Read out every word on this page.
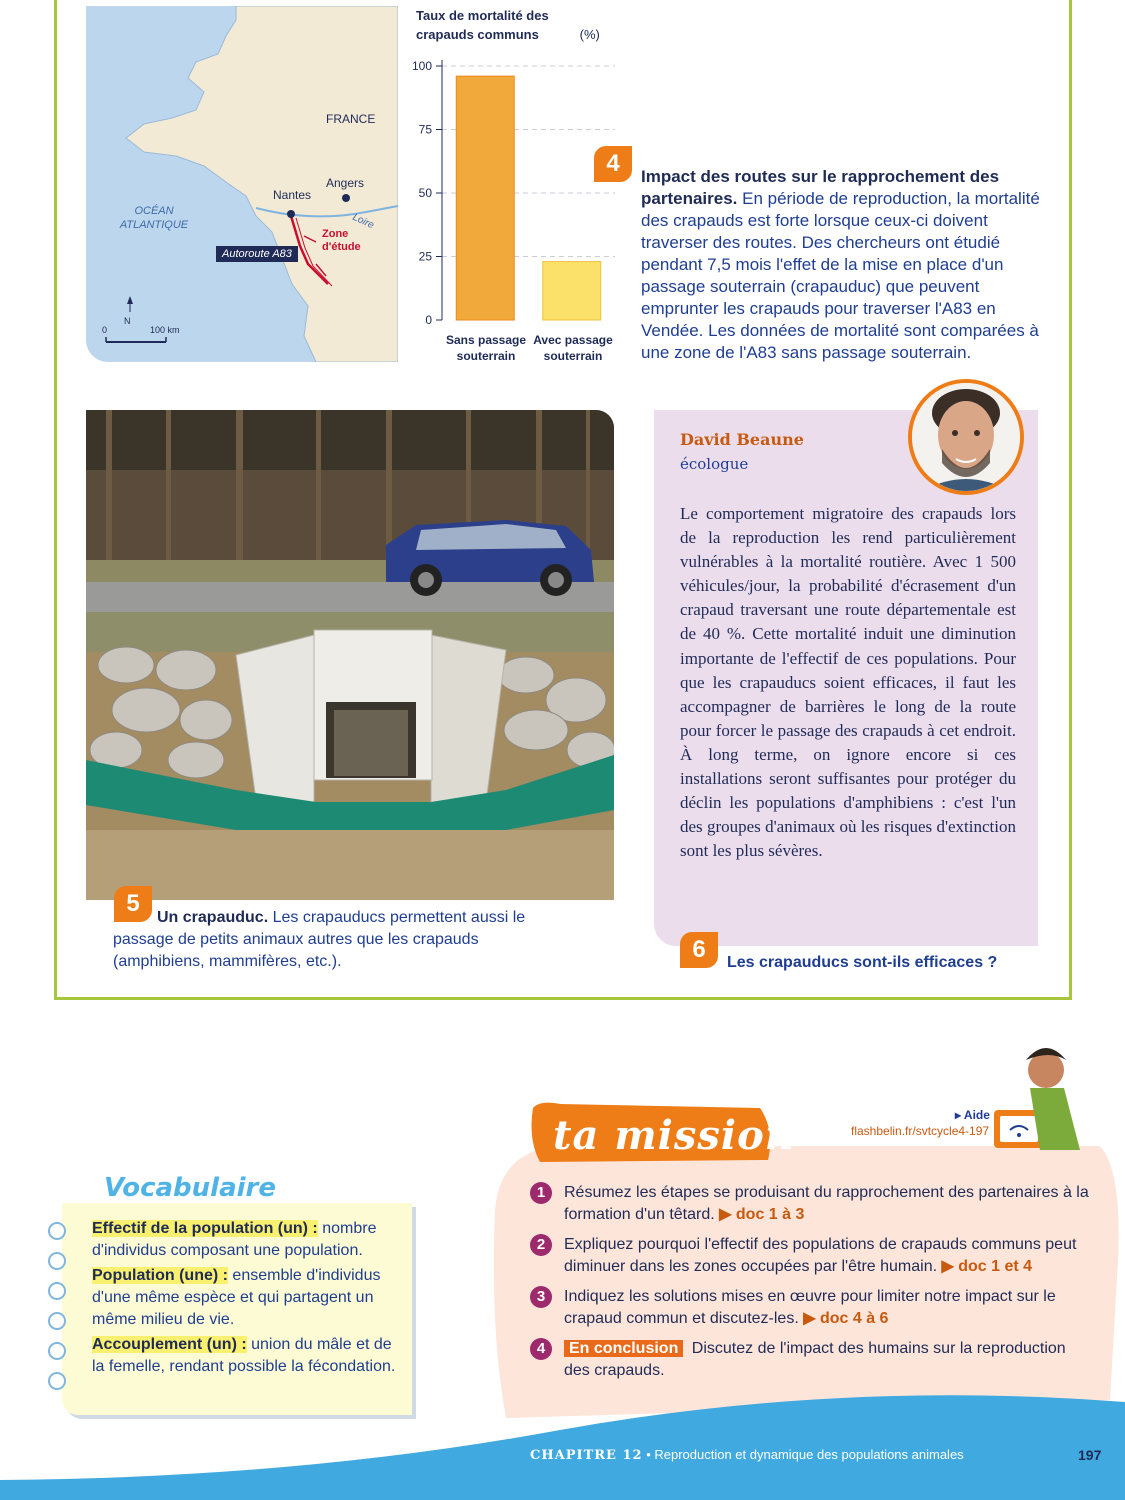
FRANCE
Nantes
Angers
OCÉAN ATLANTIQUE	Loire
Zone d'étude
Autoroute A83
N
0	100 km
Taux de mortalité des crapauds communs	(%)
0
25
50
75
100
Sans passage
souterrain
Avec passage
souterrain
4	Impact des routes sur le rapprochement des partenaires. En période de reproduction, la mortalité des crapauds est forte lorsque ceux-ci doivent traverser des routes. Des chercheurs ont étudié pendant 7,5 mois l'effet de la mise en place d'un passage souterrain (crapauduc) que peuvent emprunter les crapauds pour traverser l'A83 en Vendée. Les données de mortalité sont comparées à une zone de l'A83 sans passage souterrain.
5
Un crapauduc. Les crapauducs permettent aussi le passage de petits animaux autres que les crapauds (amphibiens, mammifères, etc.).
David Beaune
écologue
Le comportement migratoire des crapauds lors de la reproduction les rend particulièrement vulnérables à la mortalité routière. Avec 1 500 véhicules/jour, la probabilité d'écrasement d'un crapaud traversant une route départementale est de 40 %. Cette mortalité induit une diminution importante de l'effectif de ces populations. Pour que les crapauducs soient efficaces, il faut les accompagner de barrières le long de la route pour forcer le passage des crapauds à cet endroit. À long terme, on ignore encore si ces installations seront suffisantes pour protéger du déclin les populations d'amphibiens : c'est l'un des groupes d'animaux où les risques d'extinction sont les plus sévères.
6	Les crapauducs sont-ils efficaces ?
ta mission	▸ Aide
flashbelin.fr/svtcycle4-197
1	Résumez les étapes se produisant du rapprochement des partenaires à la formation d'un têtard. ▶ doc 1 à 3
2	Expliquez pourquoi l'effectif des populations de crapauds communs peut diminuer dans les zones occupées par l'être humain. ▶ doc 1 et 4
3	Indiquez les solutions mises en œuvre pour limiter notre impact sur le crapaud commun et discutez-les. ▶ doc 4 à 6
4	En conclusion Discutez de l'impact des humains sur la reproduction des crapauds.
Vocabulaire
Effectif de la population (un) : nombre d'individus composant une population.
Population (une) : ensemble d'individus d'une même espèce et qui partagent un même milieu de vie.
Accouplement (un) : union du mâle et de la femelle, rendant possible la fécondation.
CHAPITRE 12 • Reproduction et dynamique des populations animales	197
